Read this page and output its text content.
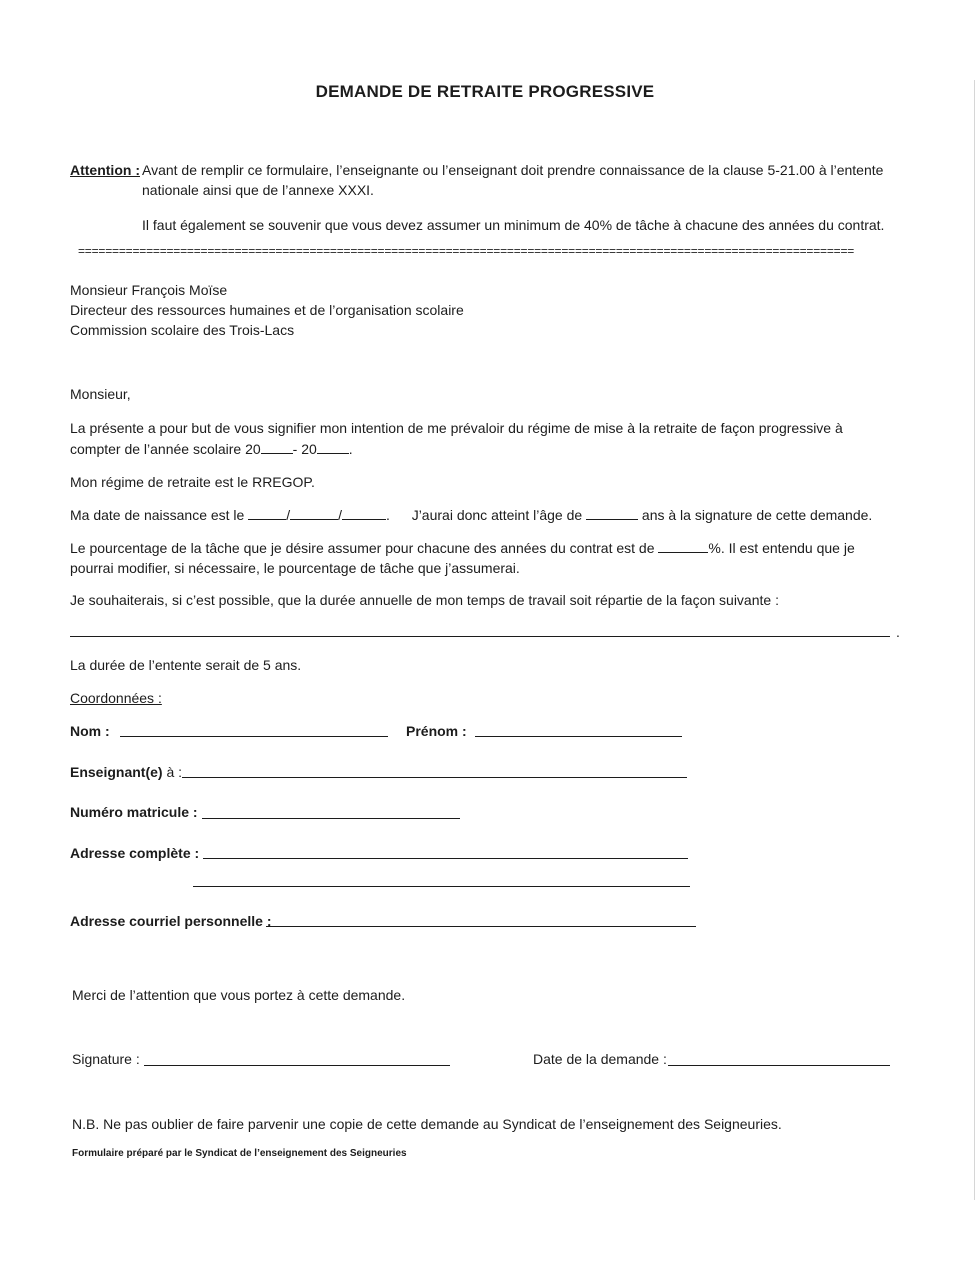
DEMANDE DE RETRAITE PROGRESSIVE
Attention : Avant de remplir ce formulaire, l’enseignante ou l’enseignant doit prendre connaissance de la clause 5-21.00 à l’entente
nationale ainsi que de l’annexe XXXI.
Il faut également se souvenir que vous devez assumer un minimum de 40% de tâche à chacune des années du contrat.
==================================================================================================================
Monsieur François Moïse
Directeur des ressources humaines et de l’organisation scolaire
Commission scolaire des Trois-Lacs
Monsieur,
La présente a pour but de vous signifier mon intention de me prévaloir du régime de mise à la retraite de façon progressive à
compter de l’année scolaire 20 - 20 .
Mon régime de retraite est le RREGOP.
Ma date de naissance est le	/	/	. J’aurai donc atteint l’âge de	ans à la signature de cette demande.
Le pourcentage de la tâche que je désire assumer pour chacune des années du contrat est de	%. Il est entendu que je
pourrai modifier, si nécessaire, le pourcentage de tâche que j’assumerai.
Je souhaiterais, si c’est possible, que la durée annuelle de mon temps de travail soit répartie de la façon suivante :
.
La durée de l’entente serait de 5 ans.
Coordonnées :
Nom :	Prénom :
Enseignant(e) à :
Numéro matricule :
Adresse complète :
Adresse courriel personnelle :
Merci de l’attention que vous portez à cette demande.
Signature :	Date de la demande :
N.B. Ne pas oublier de faire parvenir une copie de cette demande au Syndicat de l’enseignement des Seigneuries.
Formulaire préparé par le Syndicat de l’enseignement des Seigneuries
